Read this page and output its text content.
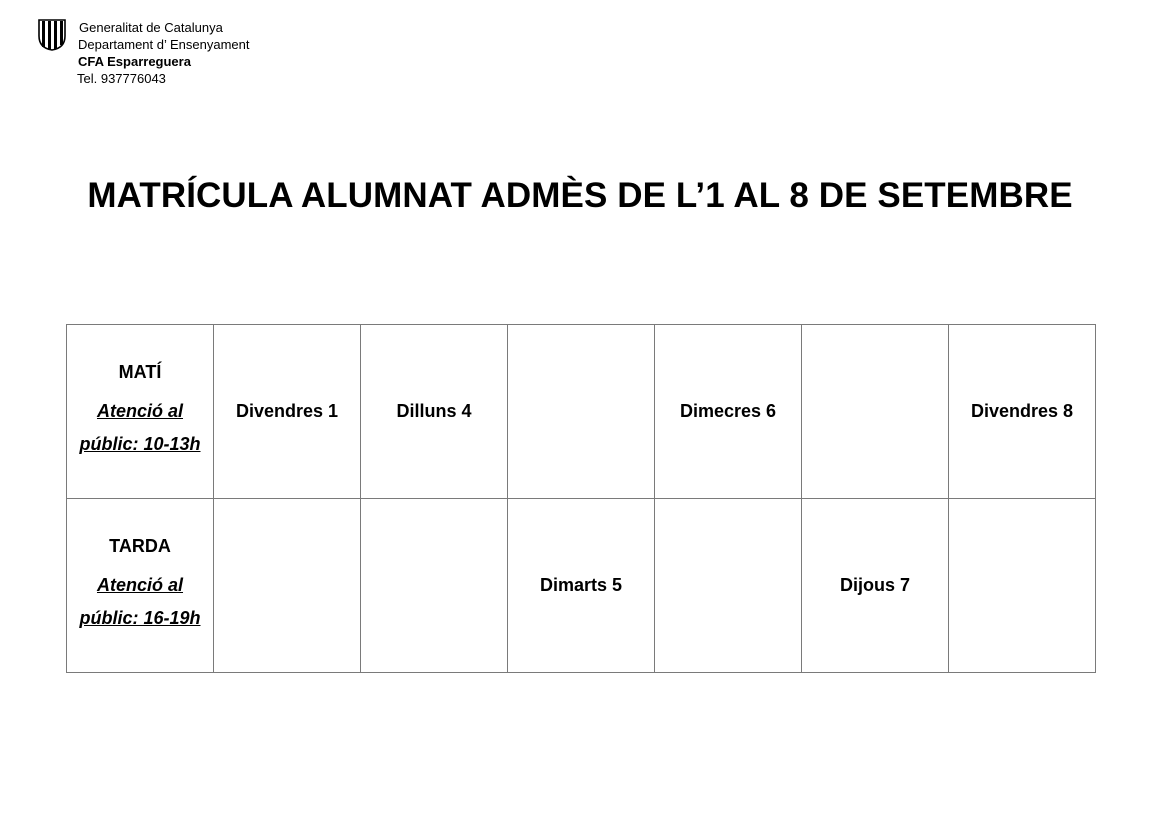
Generalitat de Catalunya
Departament d’ Ensenyament
CFA Esparreguera
Tel. 937776043
MATRÍCULA ALUMNAT ADMÈS DE L’1 AL 8 DE SETEMBRE
MATÍ
Atenció al
públic: 10-13h	Divendres 1	Dilluns 4		Dimecres 6		Divendres 8

TARDA
Atenció al
públic: 16-19h			Dimarts 5		Dijous 7	
